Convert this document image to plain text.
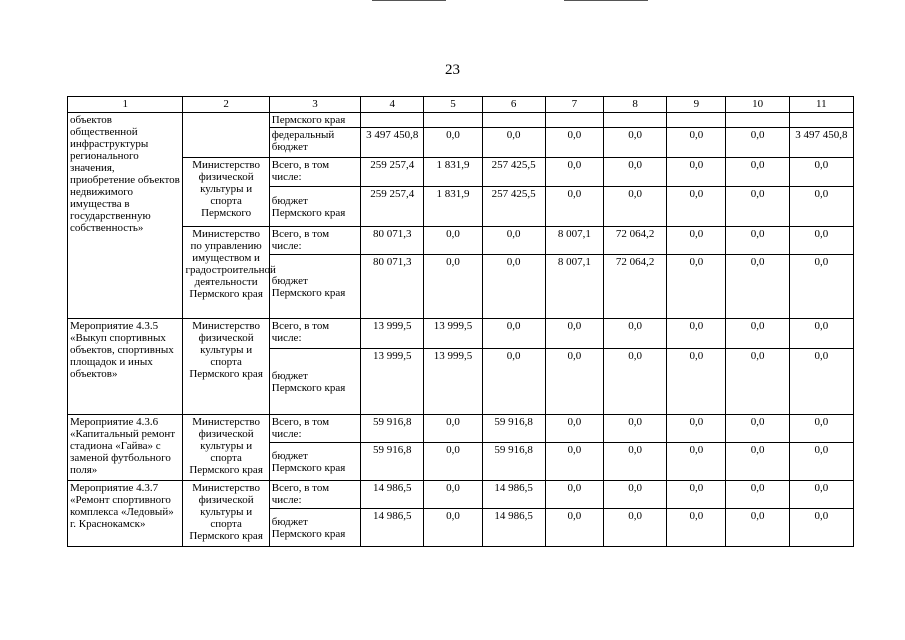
23
1	2	3	4	5	6	7	8	9	10	11
объектов общественной инфраструктуры регионального значения, приобретение объектов недвижимого имущества в государственную собственность»		Пермского края								
		федеральный бюджет	3 497 450,8	0,0	0,0	0,0	0,0	0,0	0,0	3 497 450,8
	Министерство физической культуры и спорта Пермского	Всего, в том числе:	259 257,4	1 831,9	257 425,5	0,0	0,0	0,0	0,0	0,0
		бюджет Пермского края	259 257,4	1 831,9	257 425,5	0,0	0,0	0,0	0,0	0,0
	Министерство по управлению имуществом и градостроительной деятельности Пермского края	Всего, в том числе:	80 071,3	0,0	0,0	8 007,1	72 064,2	0,0	0,0	0,0
		бюджет Пермского края	80 071,3	0,0	0,0	8 007,1	72 064,2	0,0	0,0	0,0
Мероприятие 4.3.5 «Выкуп спортивных объектов, спортивных площадок и иных объектов»	Министерство физической культуры и спорта Пермского края	Всего, в том числе:	13 999,5	13 999,5	0,0	0,0	0,0	0,0	0,0	0,0
		бюджет Пермского края	13 999,5	13 999,5	0,0	0,0	0,0	0,0	0,0	0,0
Мероприятие 4.3.6 «Капитальный ремонт стадиона «Гайва» с заменой футбольного поля»	Министерство физической культуры и спорта Пермского края	Всего, в том числе:	59 916,8	0,0	59 916,8	0,0	0,0	0,0	0,0	0,0
		бюджет Пермского края	59 916,8	0,0	59 916,8	0,0	0,0	0,0	0,0	0,0
Мероприятие 4.3.7 «Ремонт спортивного комплекса «Ледовый» г. Краснокамск»	Министерство физической культуры и спорта Пермского края	Всего, в том числе:	14 986,5	0,0	14 986,5	0,0	0,0	0,0	0,0	0,0
		бюджет Пермского края	14 986,5	0,0	14 986,5	0,0	0,0	0,0	0,0	0,0
